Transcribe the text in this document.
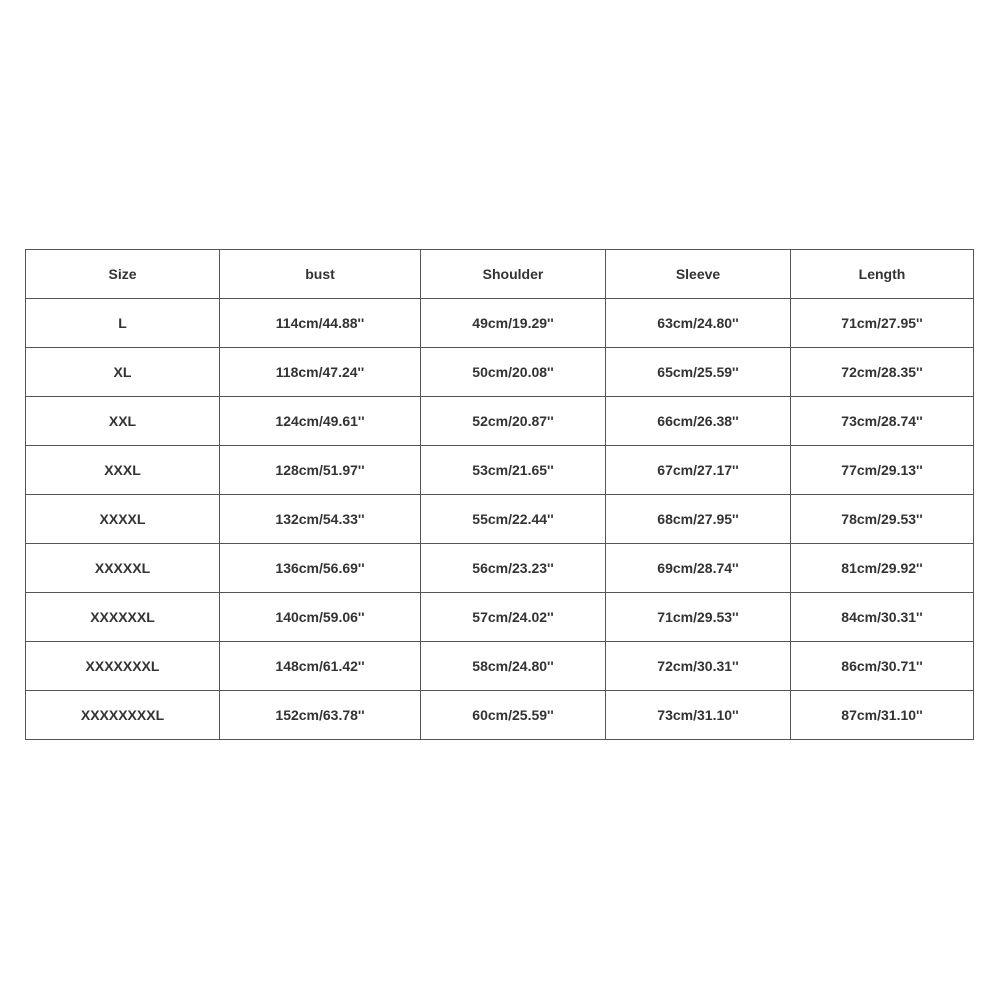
Size	bust	Shoulder	Sleeve	Length
L	114cm/44.88''	49cm/19.29''	63cm/24.80''	71cm/27.95''
XL	118cm/47.24''	50cm/20.08''	65cm/25.59''	72cm/28.35''
XXL	124cm/49.61''	52cm/20.87''	66cm/26.38''	73cm/28.74''
XXXL	128cm/51.97''	53cm/21.65''	67cm/27.17''	77cm/29.13''
XXXXL	132cm/54.33''	55cm/22.44''	68cm/27.95''	78cm/29.53''
XXXXXL	136cm/56.69''	56cm/23.23''	69cm/28.74''	81cm/29.92''
XXXXXXL	140cm/59.06''	57cm/24.02''	71cm/29.53''	84cm/30.31''
XXXXXXXL	148cm/61.42''	58cm/24.80''	72cm/30.31''	86cm/30.71''
XXXXXXXXL	152cm/63.78''	60cm/25.59''	73cm/31.10''	87cm/31.10''
